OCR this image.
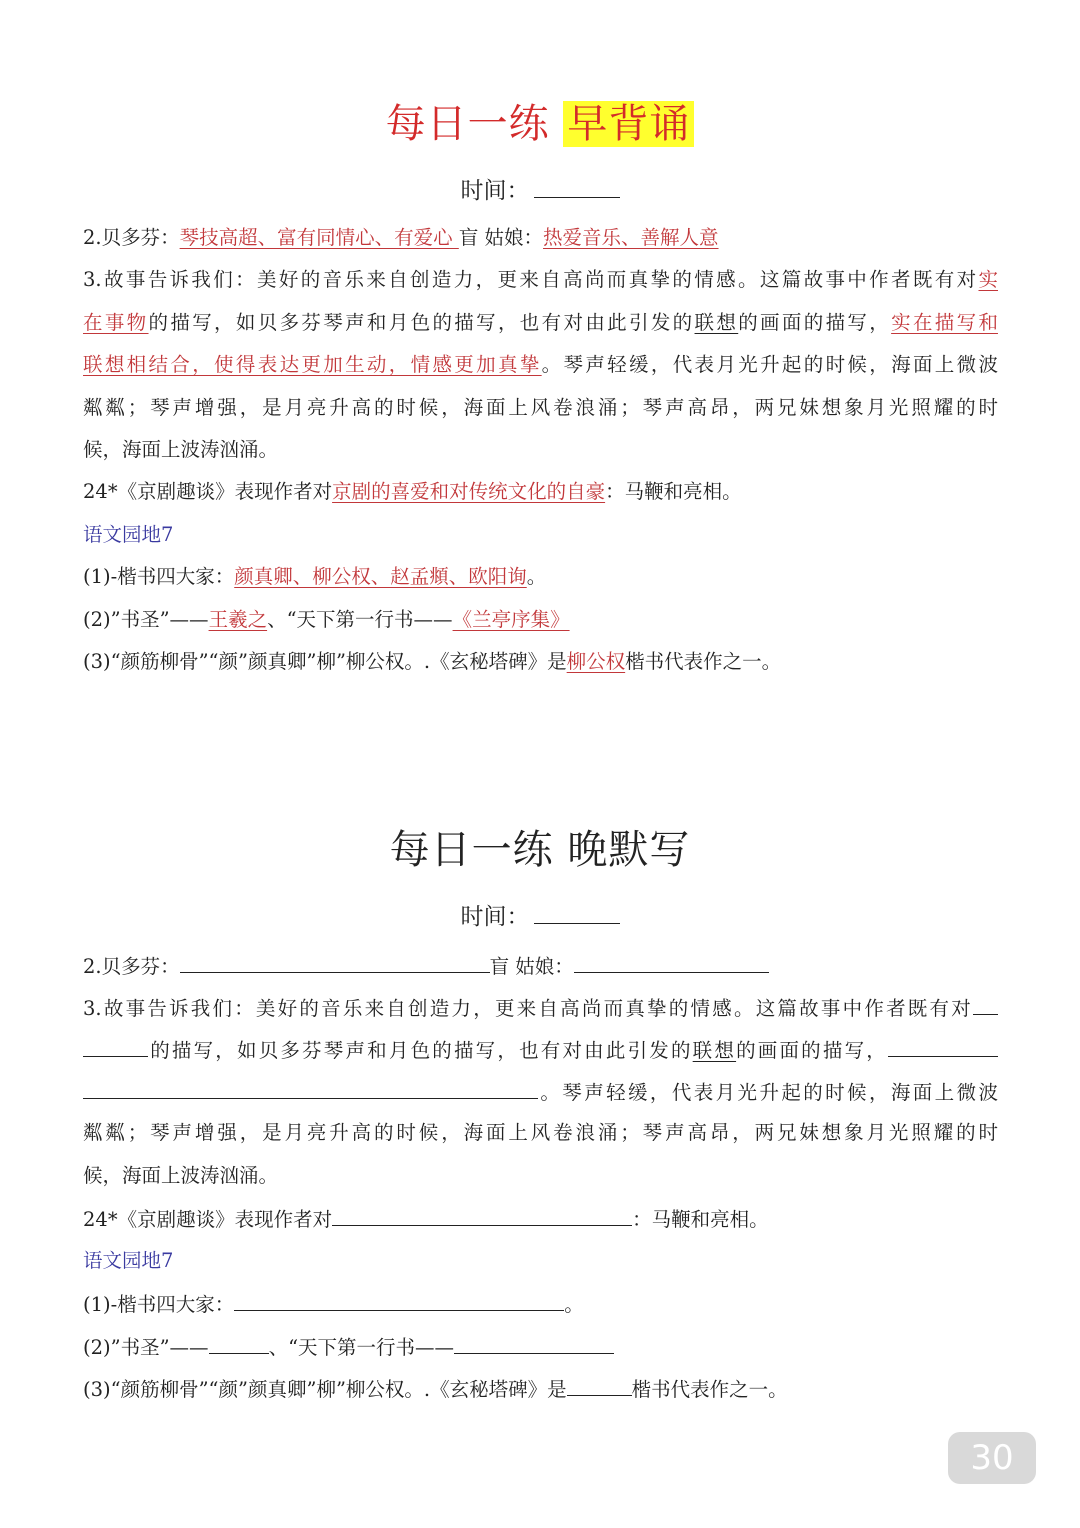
每日一练 早背诵
时间：
2.贝多芬：琴技高超、富有同情心、有爱心 盲 姑娘：热爱音乐、善解人意
3.故事告诉我们：美好的音乐来自创造力，更来自高尚而真挚的情感。这篇故事中作者既有对实
在事物的描写，如贝多芬琴声和月色的描写，也有对由此引发的联想的画面的描写，实在描写和
联想相结合，使得表达更加生动，情感更加真挚。琴声轻缓，代表月光升起的时候，海面上微波
粼粼；琴声增强，是月亮升高的时候，海面上风卷浪涌；琴声高昂，两兄妹想象月光照耀的时
候，海面上波涛汹涌。
24*《京剧趣谈》表现作者对京剧的喜爱和对传统文化的自豪：马鞭和亮相。
语文园地7
(1)-楷书四大家：颜真卿、柳公权、赵孟頫、欧阳询。
(2)”书圣”——王羲之、“天下第一行书——《兰亭序集》
(3)“颜筋柳骨”“颜”颜真卿”柳”柳公权。.《玄秘塔碑》是柳公权楷书代表作之一。
每日一练 晚默写
时间：
2.贝多芬：	盲 姑娘：
3.故事告诉我们：美好的音乐来自创造力，更来自高尚而真挚的情感。这篇故事中作者既有对
的描写，如贝多芬琴声和月色的描写，也有对由此引发的联想的画面的描写，
。琴声轻缓，代表月光升起的时候，海面上微波
粼粼；琴声增强，是月亮升高的时候，海面上风卷浪涌；琴声高昂，两兄妹想象月光照耀的时
候，海面上波涛汹涌。
24*《京剧趣谈》表现作者对	：马鞭和亮相。
语文园地7
(1)-楷书四大家：	。
(2)”书圣”——	、“天下第一行书——
(3)“颜筋柳骨”“颜”颜真卿”柳”柳公权。.《玄秘塔碑》是	楷书代表作之一。
30
